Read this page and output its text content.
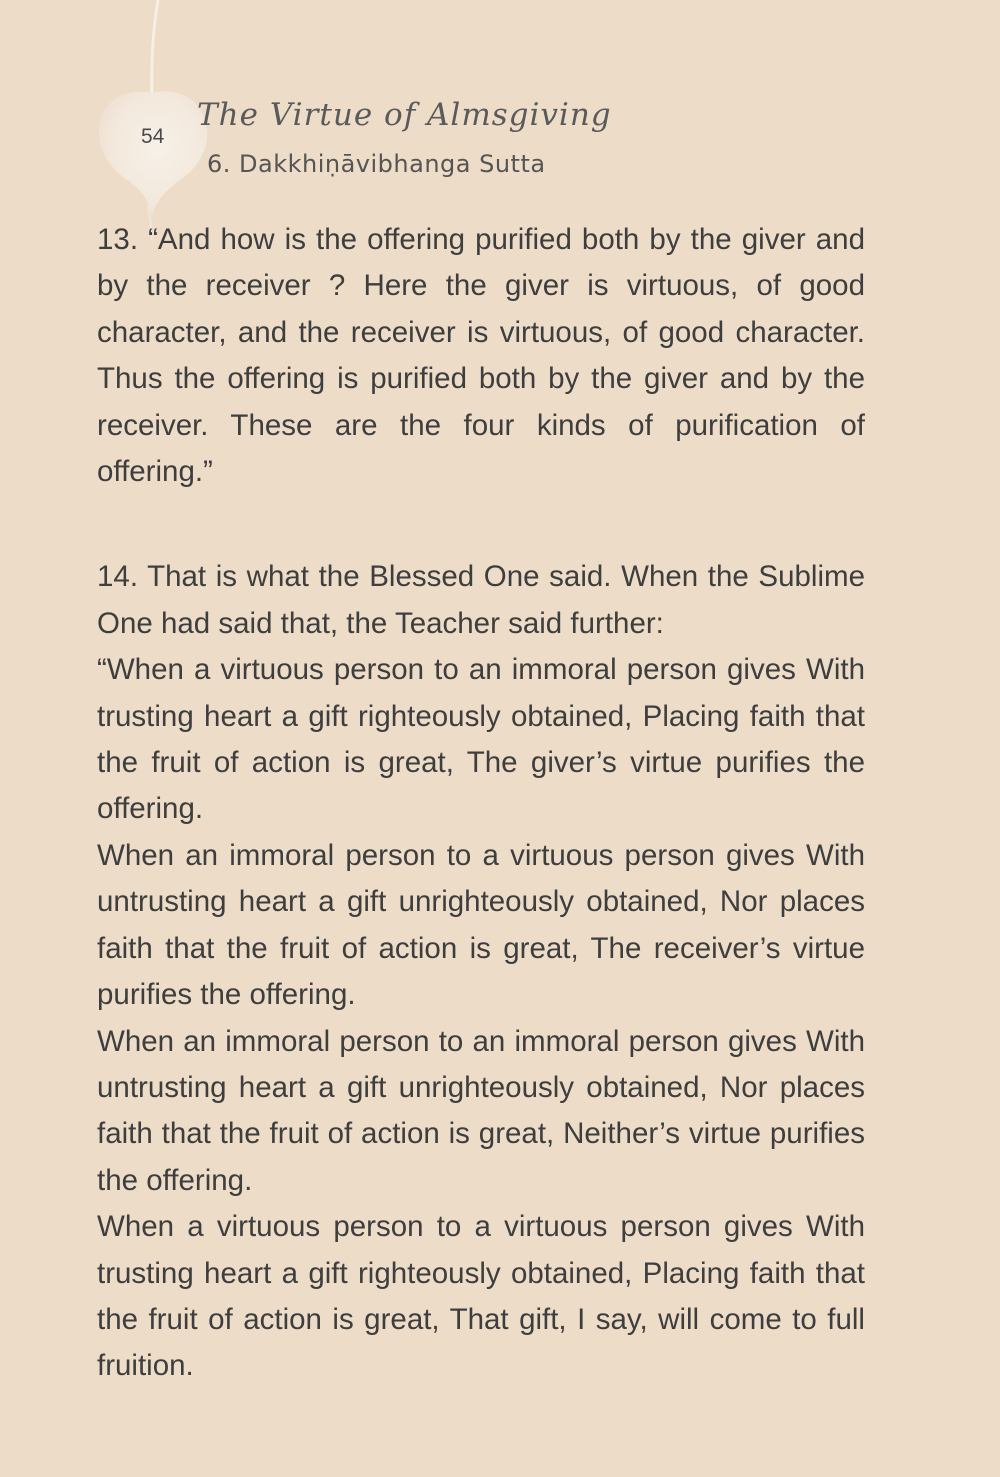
54
The Virtue of Almsgiving
6. Dakkhiṇāvibhanga Sutta

13. “And how is the offering purified both by the giver and by the receiver ? Here the giver is virtuous, of good character, and the receiver is virtuous, of good character. Thus the offering is purified both by the giver and by the receiver. These are the four kinds of purification of offering.”

14. That is what the Blessed One said. When the Sublime One had said that, the Teacher said further:

“When a virtuous person to an immoral person gives With trusting heart a gift righteously obtained, Placing faith that the fruit of action is great, The giver’s virtue purifies the offering.

When an immoral person to a virtuous person gives With untrusting heart a gift unrighteously obtained, Nor places faith that the fruit of action is great, The receiver’s virtue purifies the offering.

When an immoral person to an immoral person gives With untrusting heart a gift unrighteously obtained, Nor places faith that the fruit of action is great, Neither’s virtue purifies the offering.

When a virtuous person to a virtuous person gives With trusting heart a gift righteously obtained, Placing faith that the fruit of action is great, That gift, I say, will come to full fruition.
